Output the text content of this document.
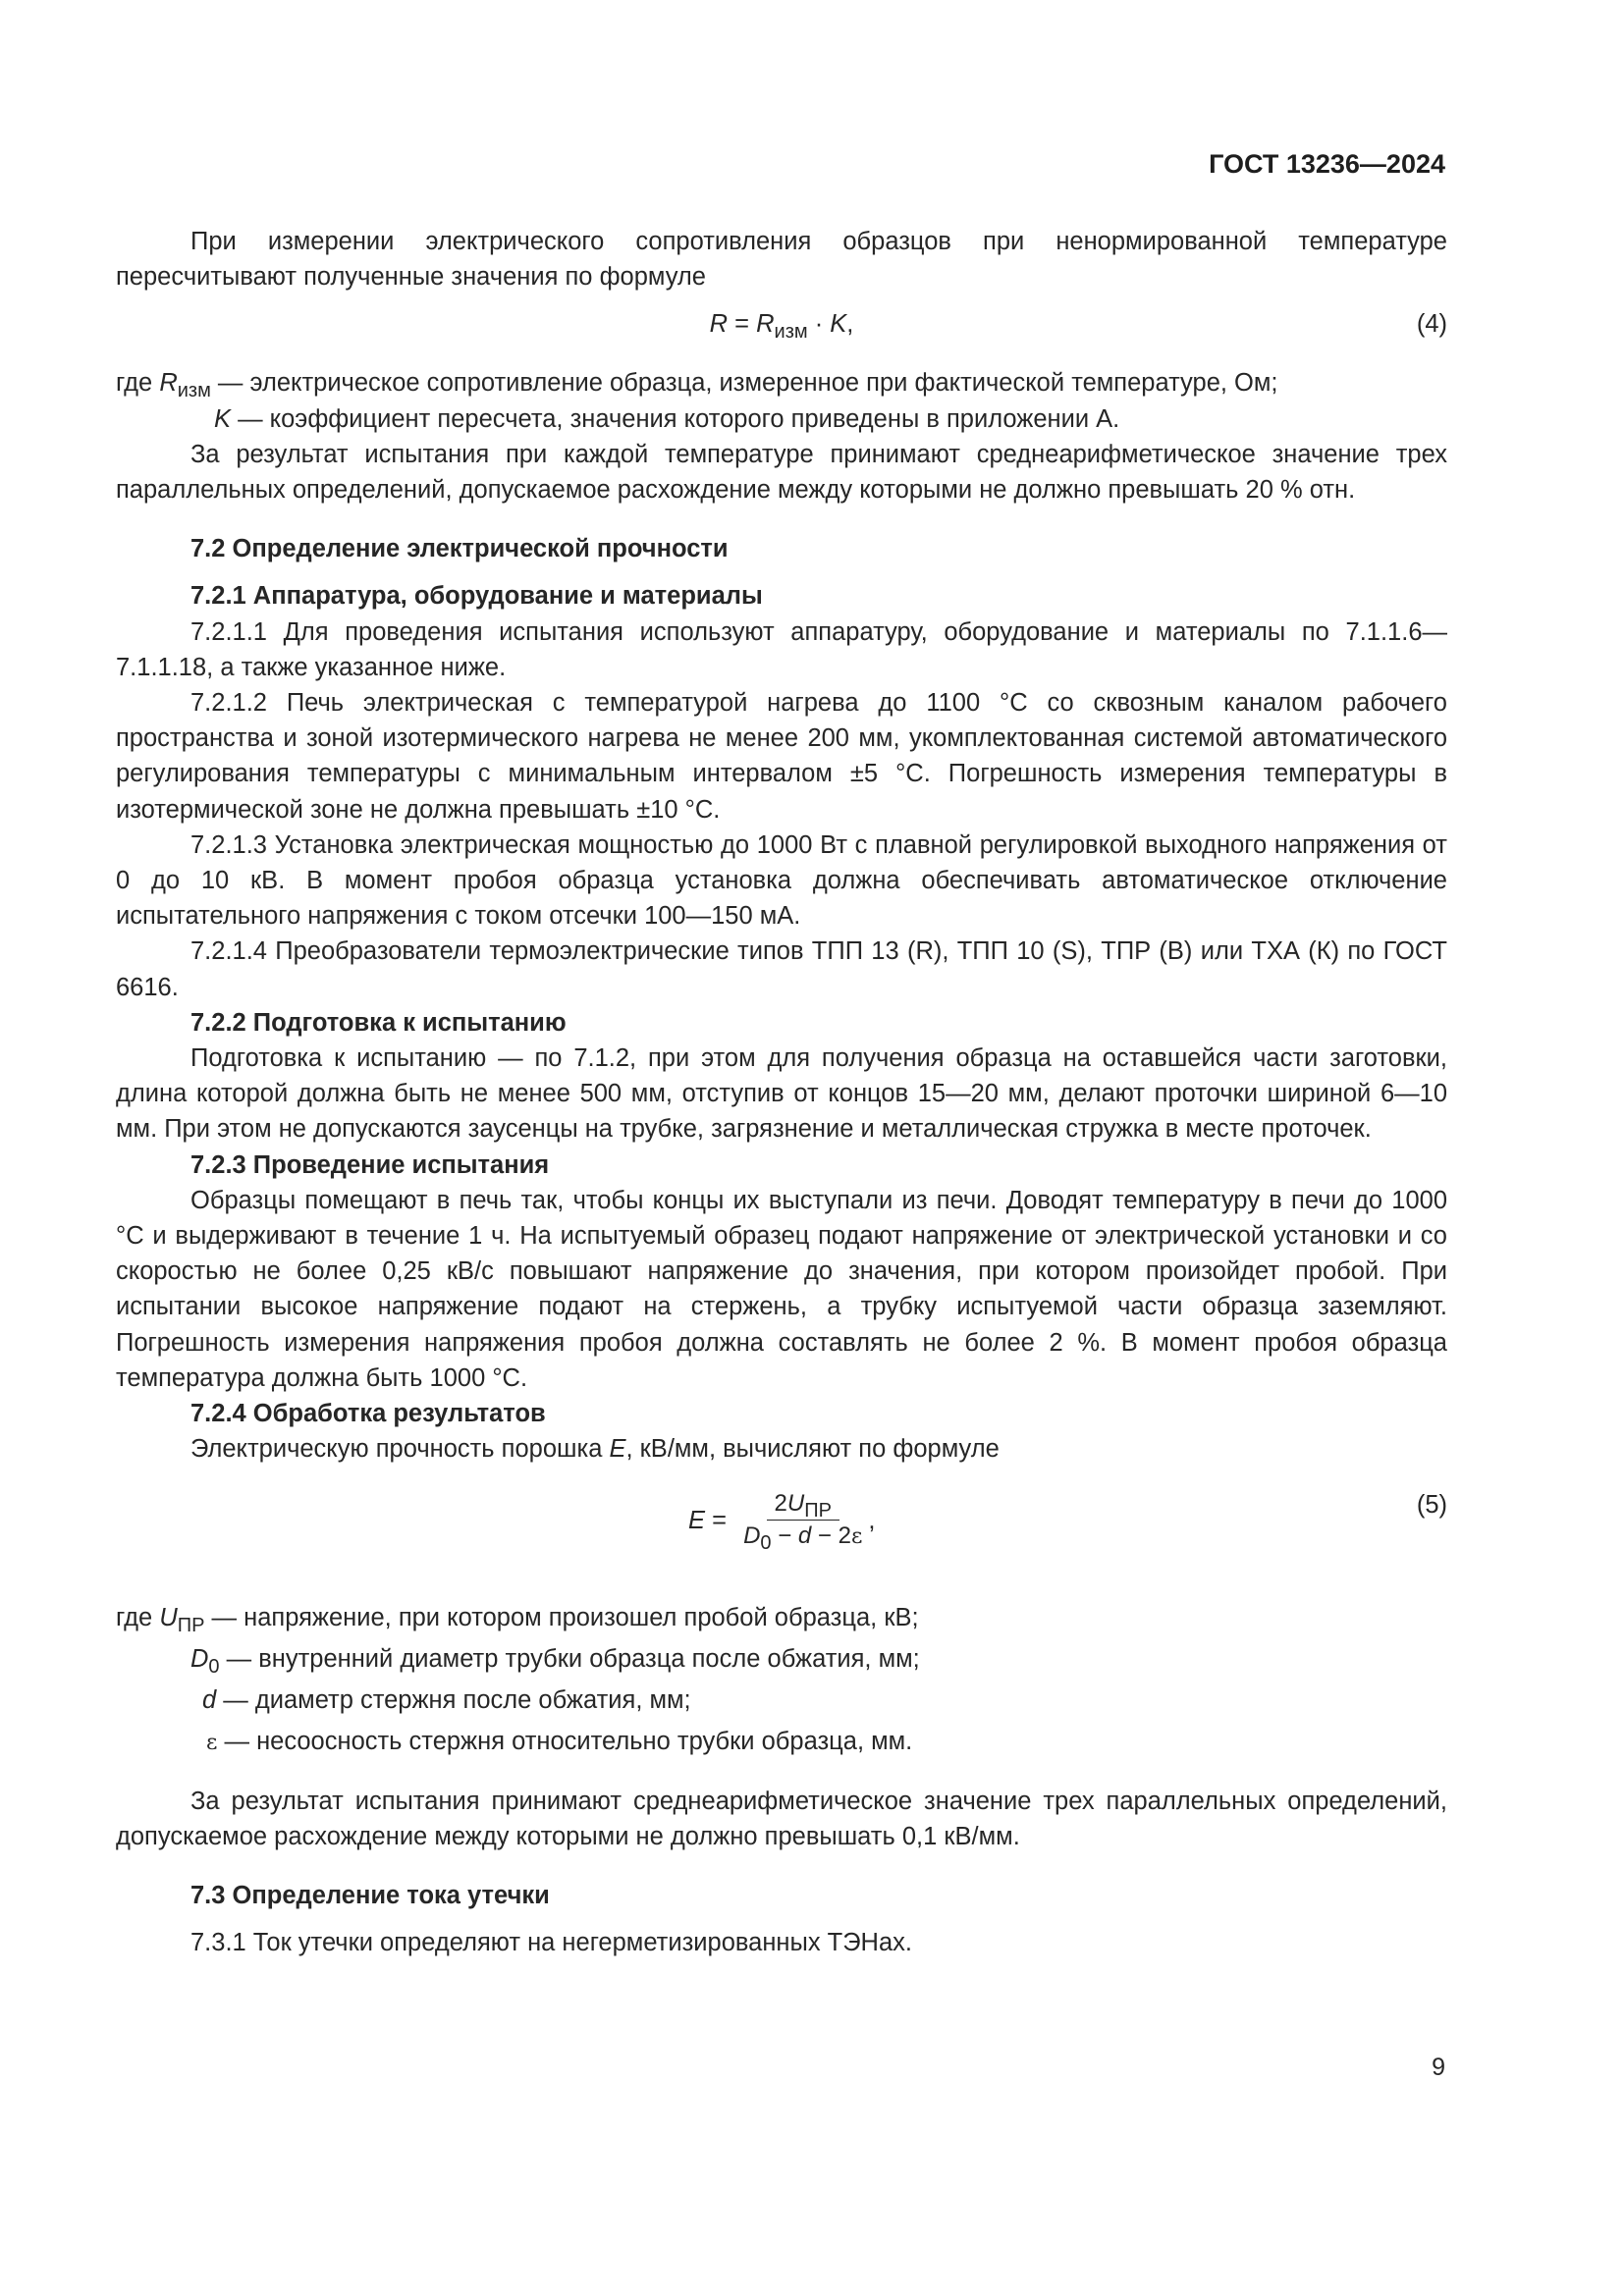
ГОСТ 13236—2024

При измерении электрического сопротивления образцов при ненормированной температуре пересчитывают полученные значения по формуле

$R = R_{изм} \cdot K$,	(4)

где $R_{изм}$ — электрическое сопротивление образца, измеренное при фактической температуре, Ом;

K — коэффициент пересчета, значения которого приведены в приложении А.

За результат испытания при каждой температуре принимают среднеарифметическое значение трех параллельных определений, допускаемое расхождение между которыми не должно превышать 20 % отн.

7.2 Определение электрической прочности
7.2.1 Аппаратура, оборудование и материалы

7.2.1.1 Для проведения испытания используют аппаратуру, оборудование и материалы по 7.1.1.6—7.1.1.18, а также указанное ниже.

7.2.1.2 Печь электрическая с температурой нагрева до 1100 °С со сквозным каналом рабочего пространства и зоной изотермического нагрева не менее 200 мм, укомплектованная системой автоматического регулирования температуры с минимальным интервалом ±5 °С. Погрешность измерения температуры в изотермической зоне не должна превышать ±10 °С.

7.2.1.3 Установка электрическая мощностью до 1000 Вт с плавной регулировкой выходного напряжения от 0 до 10 кВ. В момент пробоя образца установка должна обеспечивать автоматическое отключение испытательного напряжения с током отсечки 100—150 мА.

7.2.1.4 Преобразователи термоэлектрические типов ТПП 13 (R), ТПП 10 (S), ТПР (В) или ТХА (К) по ГОСТ 6616.

7.2.2 Подготовка к испытанию

Подготовка к испытанию — по 7.1.2, при этом для получения образца на оставшейся части заготовки, длина которой должна быть не менее 500 мм, отступив от концов 15—20 мм, делают проточки шириной 6—10 мм. При этом не допускаются заусенцы на трубке, загрязнение и металлическая стружка в месте проточек.

7.2.3 Проведение испытания

Образцы помещают в печь так, чтобы концы их выступали из печи. Доводят температуру в печи до 1000 °С и выдерживают в течение 1 ч. На испытуемый образец подают напряжение от электрической установки и со скоростью не более 0,25 кВ/с повышают напряжение до значения, при котором произойдет пробой. При испытании высокое напряжение подают на стержень, а трубку испытуемой части образца заземляют. Погрешность измерения напряжения пробоя должна составлять не более 2 %. В момент пробоя образца температура должна быть 1000 °С.

7.2.4 Обработка результатов

Электрическую прочность порошка E, кВ/мм, вычисляют по формуле

$E = \frac{2U_{ПР}}{D_0 - d - 2\varepsilon}$ ,
(5)
где $U_{ПР}$ — напряжение, при котором произошел пробой образца, кВ;
$D_0$ — внутренний диаметр трубки образца после обжатия, мм;
d — диаметр стержня после обжатия, мм;
ε — несоосность стержня относительно трубки образца, мм.

За результат испытания принимают среднеарифметическое значение трех параллельных определений, допускаемое расхождение между которыми не должно превышать 0,1 кВ/мм.

7.3 Определение тока утечки

7.3.1 Ток утечки определяют на негерметизированных ТЭНах.

9
